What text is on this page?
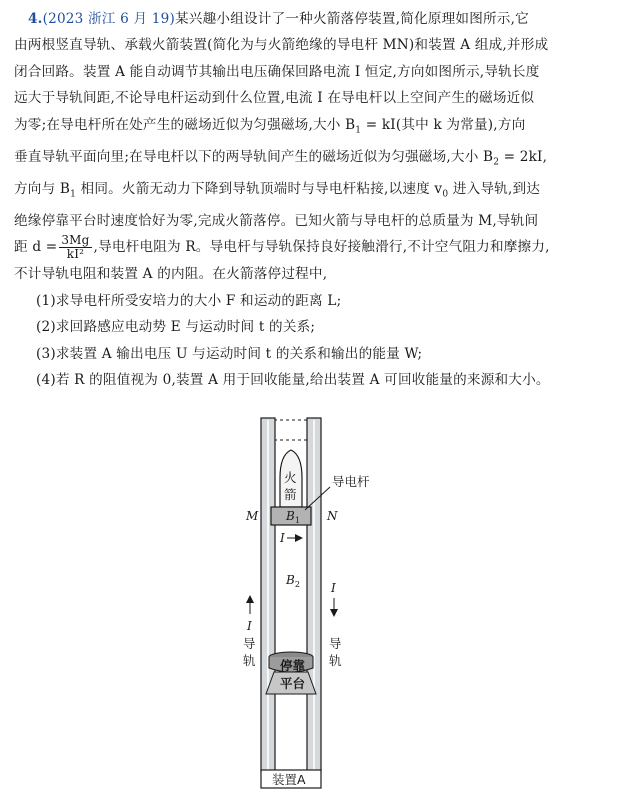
4.(2023 浙江 6 月 19)某兴趣小组设计了一种火箭落停装置,简化原理如图所示,它

由两根竖直导轨、承载火箭装置(简化为与火箭绝缘的导电杆 MN)和装置 A 组成,并形成

闭合回路。装置 A 能自动调节其输出电压确保回路电流 I 恒定,方向如图所示,导轨长度

远大于导轨间距,不论导电杆运动到什么位置,电流 I 在导电杆以上空间产生的磁场近似

为零;在导电杆所在处产生的磁场近似为匀强磁场,大小 $B_1 = kI$(其中 k 为常量),方向

垂直导轨平面向里;在导电杆以下的两导轨间产生的磁场近似为匀强磁场,大小 $B_2 = 2kI$,

方向与 $B_1$ 相同。火箭无动力下降到导轨顶端时与导电杆粘接,以速度 $v_0$ 进入导轨,到达

绝缘停靠平台时速度恰好为零,完成火箭落停。已知火箭与导电杆的总质量为 M,导轨间

距 $d = \frac{3Mg}{\text{kI²}}$ ,导电杆电阻为 R。导电杆与导轨保持良好接触滑行,不计空气阻力和摩擦力,

不计导轨电阻和装置 A 的内阻。在火箭落停过程中,

(1)求导电杆所受安培力的大小 F 和运动的距离 L;

(2)求回路感应电动势 E 与运动时间 t 的关系;

(3)求装置 A 输出电压 U 与运动时间 t 的关系和输出的能量 W;

(4)若 R 的阻值视为 0,装置 A 用于回收能量,给出装置 A 可回收能量的来源和大小。

火
箭
$B_1$
导电杆
M	N
I
$B_2$
I
导
轨
I
导
轨
停靠
平台
装置A
